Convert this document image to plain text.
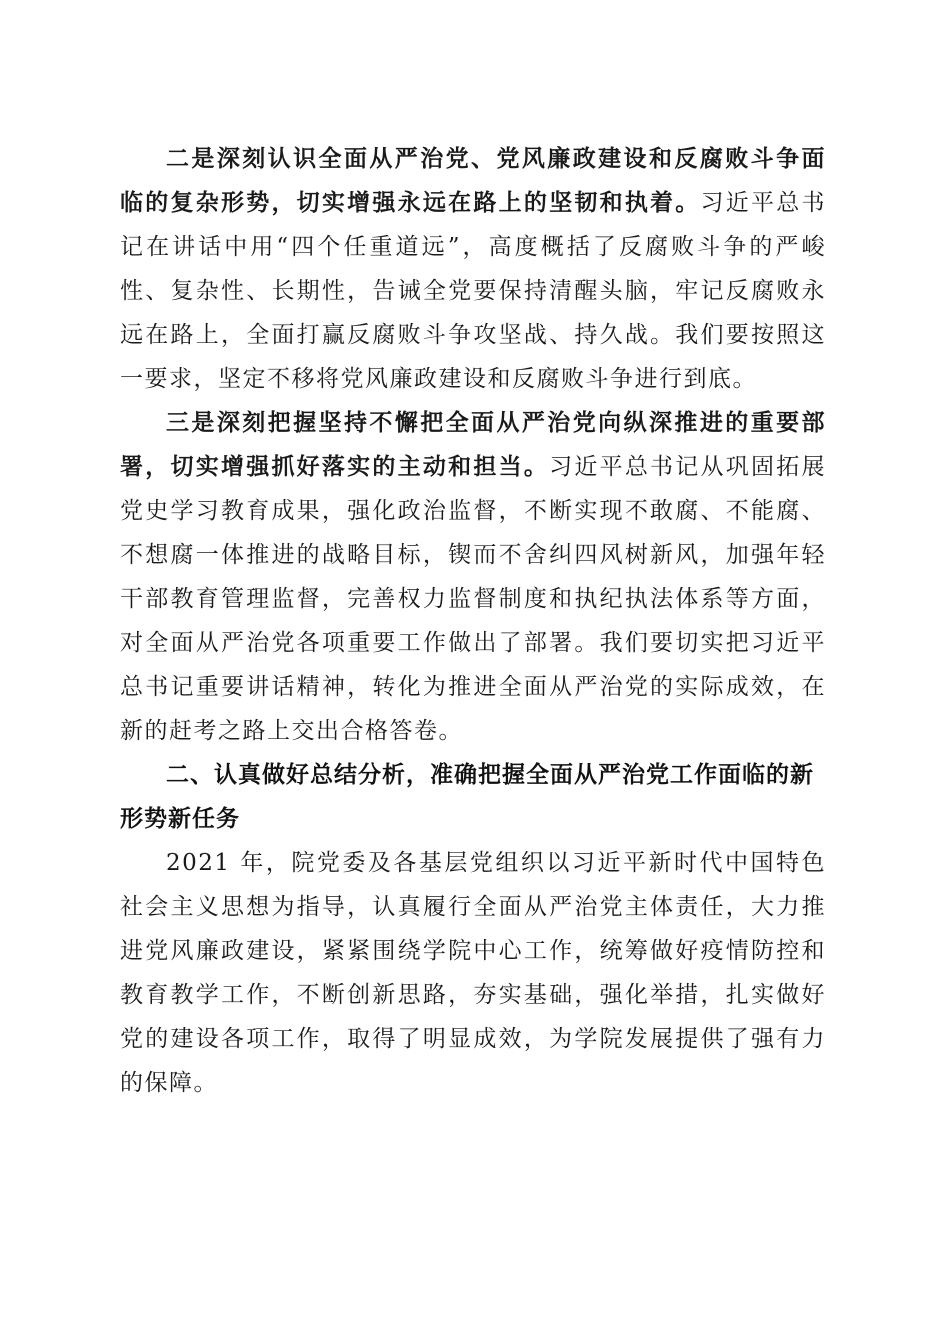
二是深刻认识全面从严治党、党风廉政建设和反腐败斗争面临的复杂形势，切实增强永远在路上的坚韧和执着。习近平总书记在讲话中用“四个任重道远”，高度概括了反腐败斗争的严峻性、复杂性、长期性，告诫全党要保持清醒头脑，牢记反腐败永远在路上，全面打赢反腐败斗争攻坚战、持久战。我们要按照这一要求，坚定不移将党风廉政建设和反腐败斗争进行到底。

三是深刻把握坚持不懈把全面从严治党向纵深推进的重要部署，切实增强抓好落实的主动和担当。习近平总书记从巩固拓展党史学习教育成果，强化政治监督，不断实现不敢腐、不能腐、不想腐一体推进的战略目标，锲而不舍纠四风树新风，加强年轻干部教育管理监督，完善权力监督制度和执纪执法体系等方面，对全面从严治党各项重要工作做出了部署。我们要切实把习近平总书记重要讲话精神，转化为推进全面从严治党的实际成效，在新的赶考之路上交出合格答卷。

二、认真做好总结分析，准确把握全面从严治党工作面临的新形势新任务

2021 年，院党委及各基层党组织以习近平新时代中国特色社会主义思想为指导，认真履行全面从严治党主体责任，大力推进党风廉政建设，紧紧围绕学院中心工作，统筹做好疫情防控和教育教学工作，不断创新思路，夯实基础，强化举措，扎实做好党的建设各项工作，取得了明显成效，为学院发展提供了强有力的保障。
